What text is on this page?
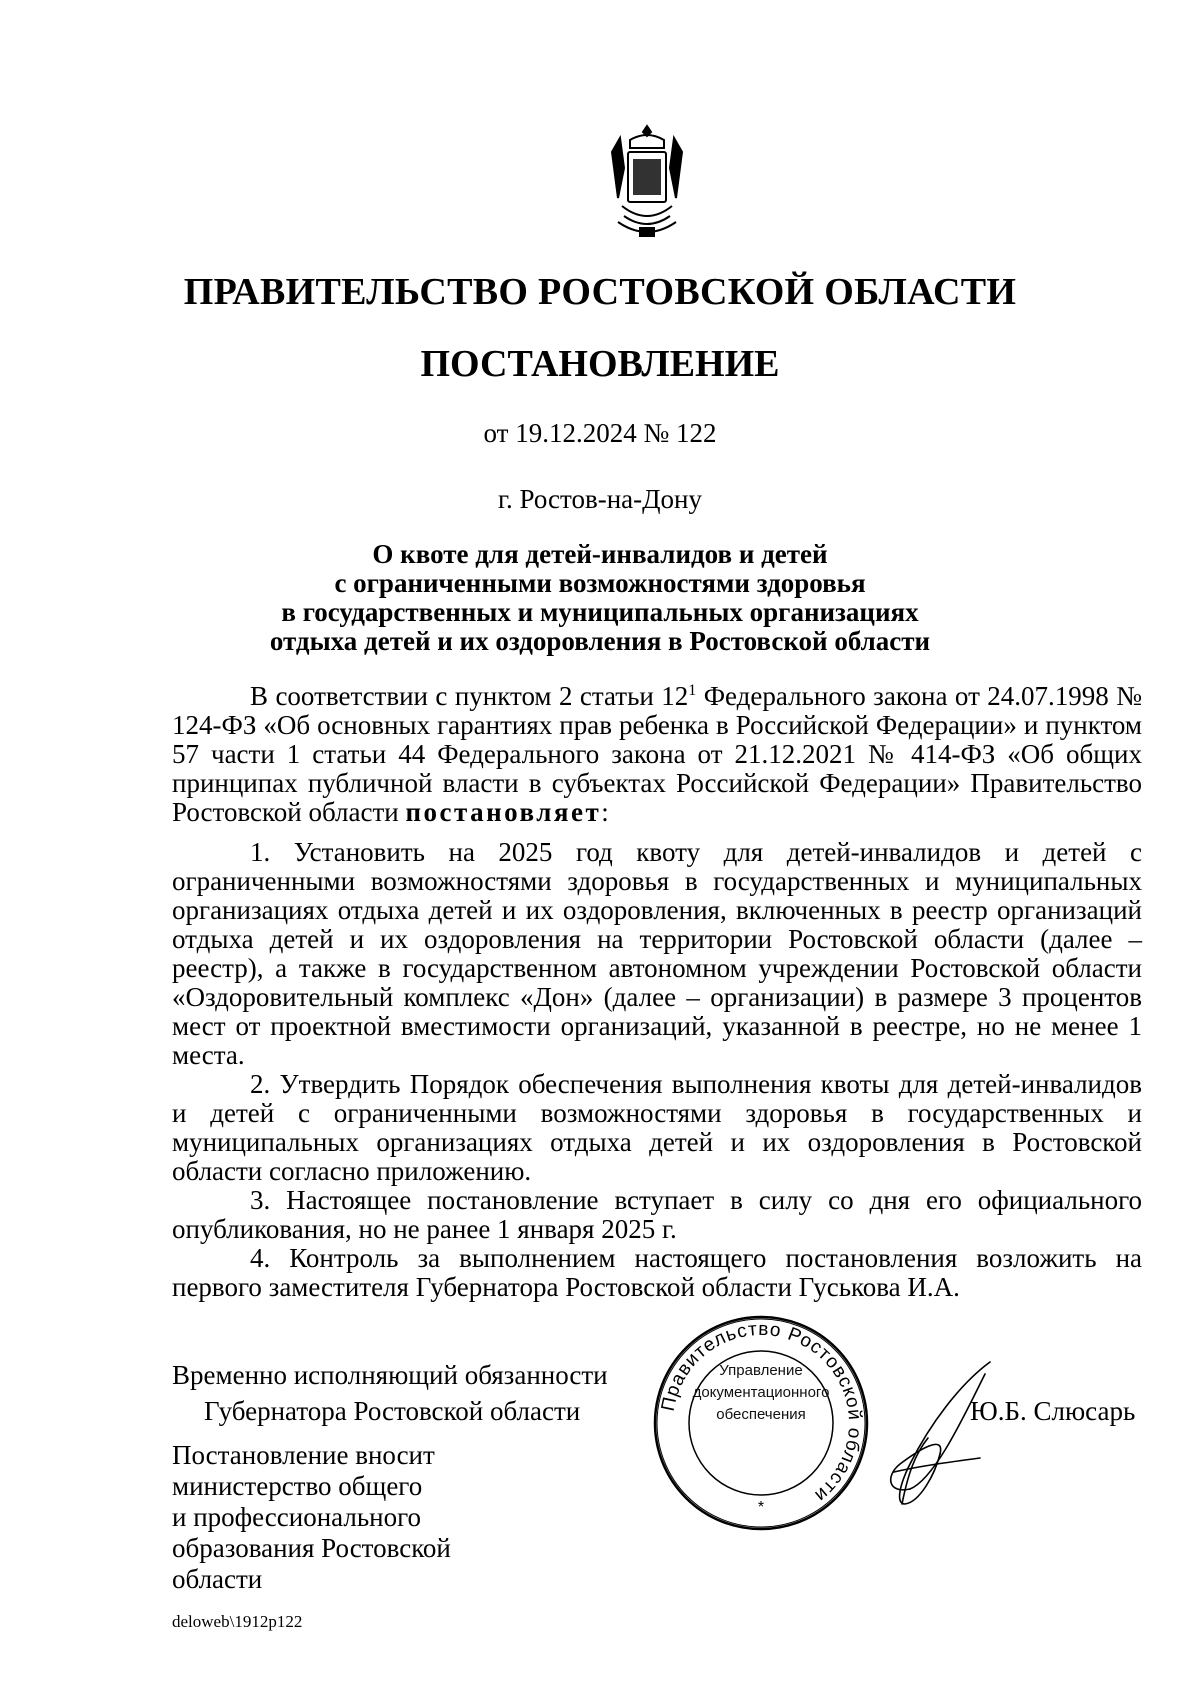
ПРАВИТЕЛЬСТВО РОСТОВСКОЙ ОБЛАСТИ
ПОСТАНОВЛЕНИЕ
от 19.12.2024 № 122
г. Ростов-на-Дону
О квоте для детей-инвалидов и детей
с ограниченными возможностями здоровья
в государственных и муниципальных организациях
отдыха детей и их оздоровления в Ростовской области

В соответствии с пунктом 2 статьи $12^1$ Федерального закона от 24.07.1998 № 124-ФЗ «Об основных гарантиях прав ребенка в Российской Федерации» и пунктом 57 части 1 статьи 44 Федерального закона от 21.12.2021 № 414-ФЗ «Об общих принципах публичной власти в субъектах Российской Федерации» Правительство Ростовской области постановляет:

1. Установить на 2025 год квоту для детей-инвалидов и детей с ограниченными возможностями здоровья в государственных и муниципальных организациях отдыха детей и их оздоровления, включенных в реестр организаций отдыха детей и их оздоровления на территории Ростовской области (далее – реестр), а также в государственном автономном учреждении Ростовской области «Оздоровительный комплекс «Дон» (далее – организации) в размере 3 процентов мест от проектной вместимости организаций, указанной в реестре, но не менее 1 места.

2. Утвердить Порядок обеспечения выполнения квоты для детей-инвалидов и детей с ограниченными возможностями здоровья в государственных и муниципальных организациях отдыха детей и их оздоровления в Ростовской области согласно приложению.

3. Настоящее постановление вступает в силу со дня его официального опубликования, но не ранее 1 января 2025 г.

4. Контроль за выполнением настоящего постановления возложить на первого заместителя Губернатора Ростовской области Гуськова И.А.

Временно исполняющий обязанности
Губернатора Ростовской области	Правительство Ростовской области
*
Управление
документационного
обеспечения	Ю.Б. Слюсарь
Постановление вносит
министерство общего
и профессионального
образования Ростовской
области
deloweb\1912p122
